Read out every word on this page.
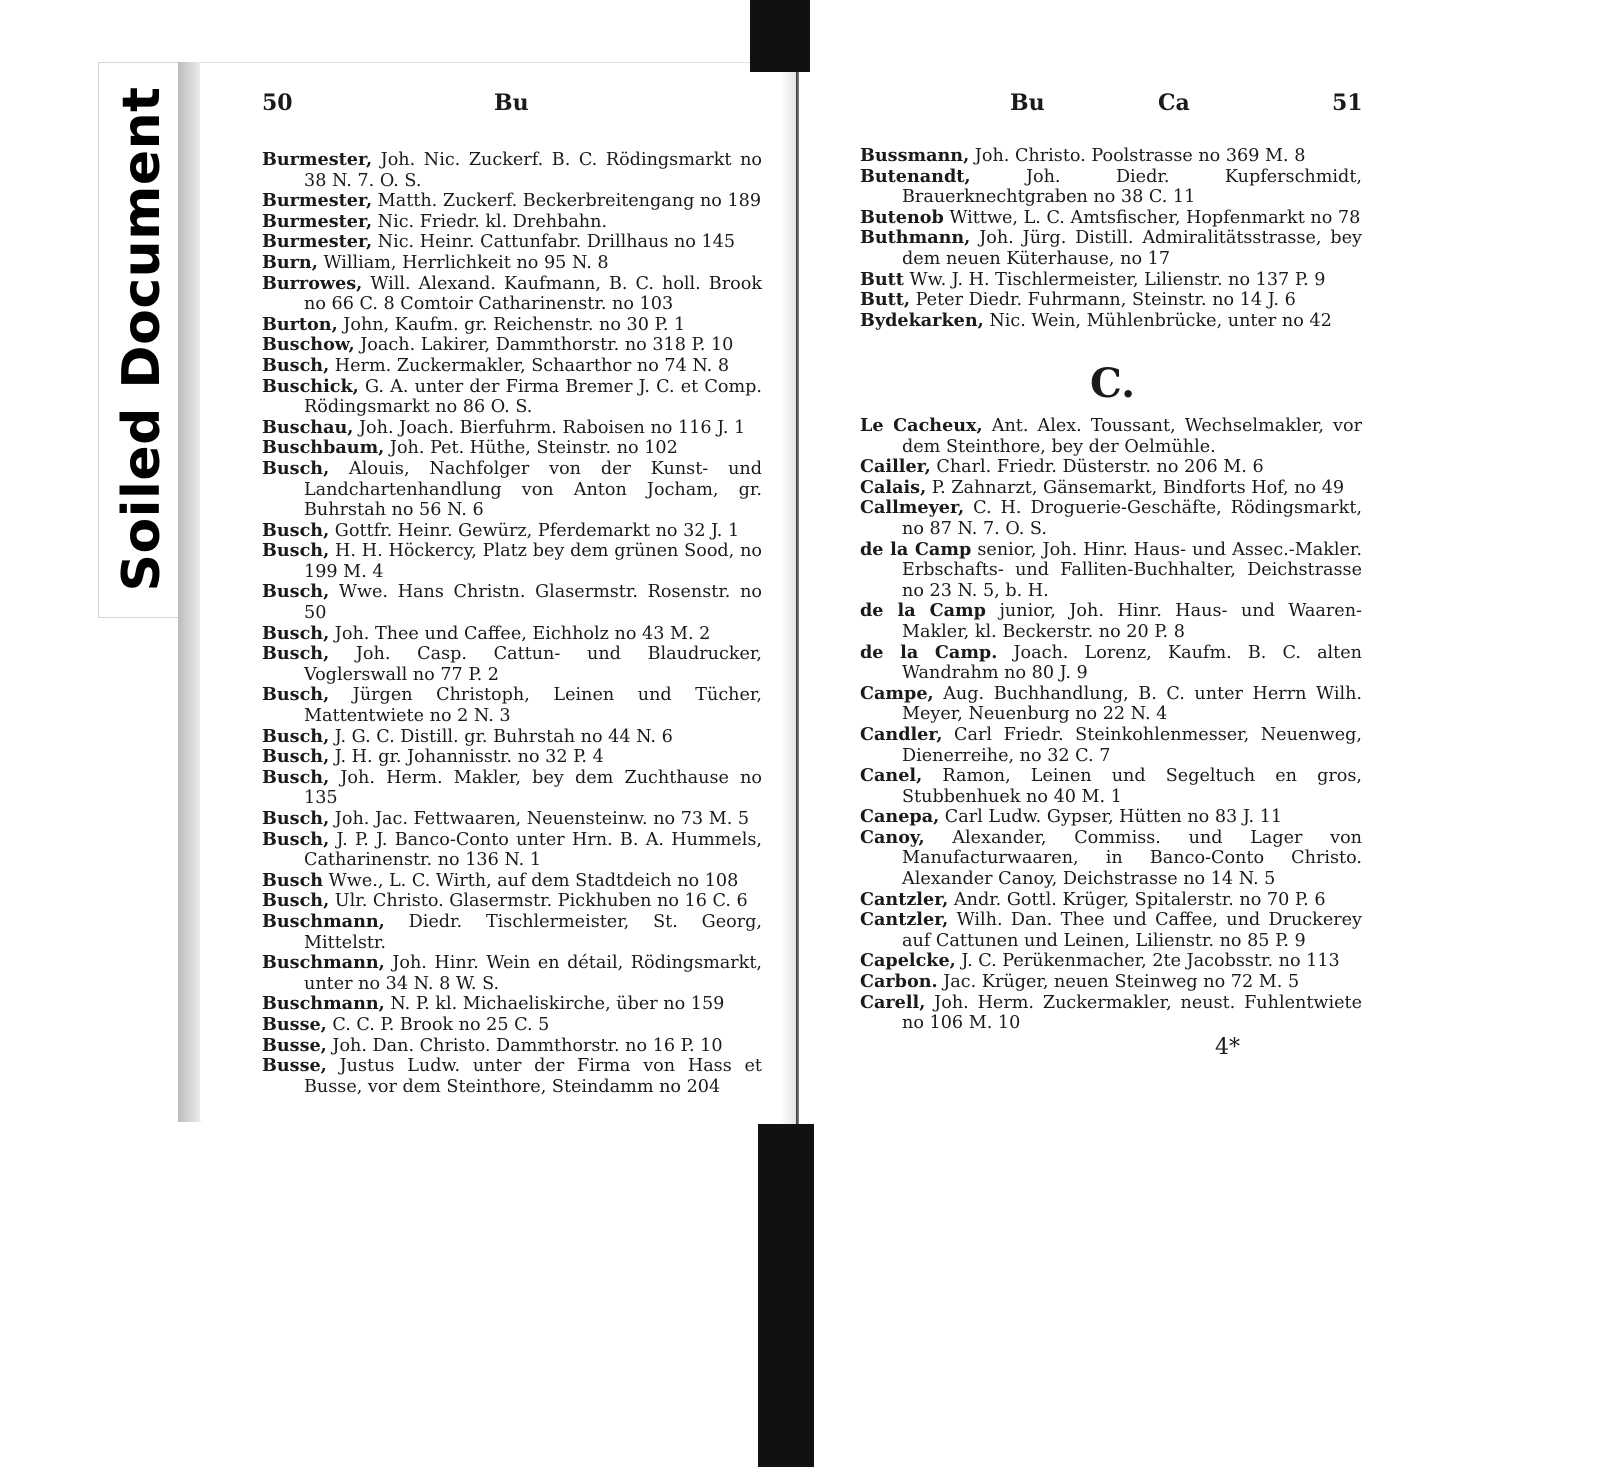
Soiled Document	50	Bu	Bu	Ca	51
Burmester, Joh. Nic. Zuckerf. B. C. Rödingsmarkt no 38 N. 7. O. S.
Burmester, Matth. Zuckerf. Beckerbreitengang no 189
Burmester, Nic. Friedr. kl. Drehbahn.
Burmester, Nic. Heinr. Cattunfabr. Drillhaus no 145
Burn, William, Herrlichkeit no 95 N. 8
Burrowes, Will. Alexand. Kaufmann, B. C. holl. Brook no 66 C. 8 Comtoir Catharinenstr. no 103
Burton, John, Kaufm. gr. Reichenstr. no 30 P. 1
Buschow, Joach. Lakirer, Dammthorstr. no 318 P. 10
Busch, Herm. Zuckermakler, Schaarthor no 74 N. 8
Buschick, G. A. unter der Firma Bremer J. C. et Comp. Rödingsmarkt no 86 O. S.
Buschau, Joh. Joach. Bierfuhrm. Raboisen no 116 J. 1
Buschbaum, Joh. Pet. Hüthe, Steinstr. no 102
Busch, Alouis, Nachfolger von der Kunst- und Landchartenhandlung von Anton Jocham, gr. Buhrstah no 56 N. 6
Busch, Gottfr. Heinr. Gewürz, Pferdemarkt no 32 J. 1
Busch, H. H. Höckercy, Platz bey dem grünen Sood, no 199 M. 4
Busch, Wwe. Hans Christn. Glasermstr. Rosenstr. no 50
Busch, Joh. Thee und Caffee, Eichholz no 43 M. 2
Busch, Joh. Casp. Cattun- und Blaudrucker, Voglerswall no 77 P. 2
Busch, Jürgen Christoph, Leinen und Tücher, Mattentwiete no 2 N. 3
Busch, J. G. C. Distill. gr. Buhrstah no 44 N. 6
Busch, J. H. gr. Johannisstr. no 32 P. 4
Busch, Joh. Herm. Makler, bey dem Zuchthause no 135
Busch, Joh. Jac. Fettwaaren, Neuensteinw. no 73 M. 5
Busch, J. P. J. Banco-Conto unter Hrn. B. A. Hummels, Catharinenstr. no 136 N. 1
Busch Wwe., L. C. Wirth, auf dem Stadtdeich no 108
Busch, Ulr. Christo. Glasermstr. Pickhuben no 16 C. 6
Buschmann, Diedr. Tischlermeister, St. Georg, Mittelstr.
Buschmann, Joh. Hinr. Wein en détail, Rödingsmarkt, unter no 34 N. 8 W. S.
Buschmann, N. P. kl. Michaeliskirche, über no 159
Busse, C. C. P. Brook no 25 C. 5
Busse, Joh. Dan. Christo. Dammthorstr. no 16 P. 10
Busse, Justus Ludw. unter der Firma von Hass et Busse, vor dem Steinthore, Steindamm no 204
Bussmann, Joh. Christo. Poolstrasse no 369 M. 8
Butenandt, Joh. Diedr. Kupferschmidt, Brauerknechtgraben no 38 C. 11
Butenob Wittwe, L. C. Amtsfischer, Hopfenmarkt no 78
Buthmann, Joh. Jürg. Distill. Admiralitätsstrasse, bey dem neuen Küterhause, no 17
Butt Ww. J. H. Tischlermeister, Lilienstr. no 137 P. 9
Butt, Peter Diedr. Fuhrmann, Steinstr. no 14 J. 6
Bydekarken, Nic. Wein, Mühlenbrücke, unter no 42
C.
Le Cacheux, Ant. Alex. Toussant, Wechselmakler, vor dem Steinthore, bey der Oelmühle.
Cailler, Charl. Friedr. Düsterstr. no 206 M. 6
Calais, P. Zahnarzt, Gänsemarkt, Bindforts Hof, no 49
Callmeyer, C. H. Droguerie-Geschäfte, Rödingsmarkt, no 87 N. 7. O. S.
de la Camp senior, Joh. Hinr. Haus- und Assec.-Makler. Erbschafts- und Falliten-Buchhalter, Deichstrasse no 23 N. 5, b. H.
de la Camp junior, Joh. Hinr. Haus- und Waaren-Makler, kl. Beckerstr. no 20 P. 8
de la Camp. Joach. Lorenz, Kaufm. B. C. alten Wandrahm no 80 J. 9
Campe, Aug. Buchhandlung, B. C. unter Herrn Wilh. Meyer, Neuenburg no 22 N. 4
Candler, Carl Friedr. Steinkohlenmesser, Neuenweg, Dienerreihe, no 32 C. 7
Canel, Ramon, Leinen und Segeltuch en gros, Stubbenhuek no 40 M. 1
Canepa, Carl Ludw. Gypser, Hütten no 83 J. 11
Canoy, Alexander, Commiss. und Lager von Manufacturwaaren, in Banco-Conto Christo. Alexander Canoy, Deichstrasse no 14 N. 5
Cantzler, Andr. Gottl. Krüger, Spitalerstr. no 70 P. 6
Cantzler, Wilh. Dan. Thee und Caffee, und Druckerey auf Cattunen und Leinen, Lilienstr. no 85 P. 9
Capelcke, J. C. Perükenmacher, 2te Jacobsstr. no 113
Carbon. Jac. Krüger, neuen Steinweg no 72 M. 5
Carell, Joh. Herm. Zuckermakler, neust. Fuhlentwiete no 106 M. 10
4*
